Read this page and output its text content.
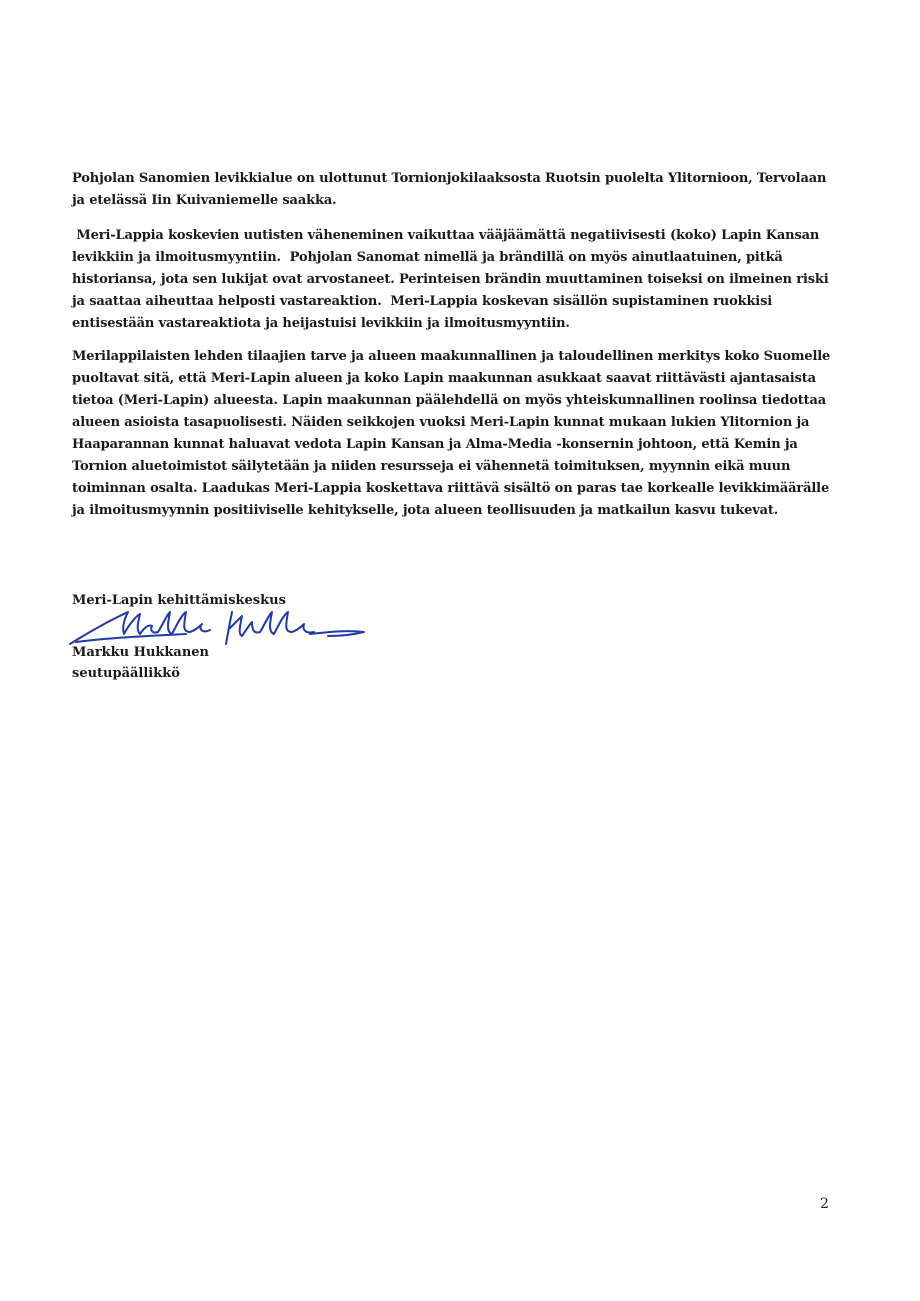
Pohjolan Sanomien levikkialue on ulottunut Tornionjokilaaksosta Ruotsin puolelta Ylitornioon, Tervolaan ja etelässä Iin Kuivaniemelle saakka.

Meri-Lappia koskevien uutisten väheneminen vaikuttaa vääjäämättä negatiivisesti (koko) Lapin Kansan levikkiin ja ilmoitusmyyntiin.  Pohjolan Sanomat nimellä ja brändillä on myös ainutlaatuinen, pitkä historiansa, jota sen lukijat ovat arvostaneet. Perinteisen brändin muuttaminen toiseksi on ilmeinen riski ja saattaa aiheuttaa helposti vastareaktion.  Meri-Lappia koskevan sisällön supistaminen ruokkisi entisestään vastareaktiota ja heijastuisi levikkiin ja ilmoitusmyyntiin.

Merilappilaisten lehden tilaajien tarve ja alueen maakunnallinen ja taloudellinen merkitys koko Suomelle puoltavat sitä, että Meri-Lapin alueen ja koko Lapin maakunnan asukkaat saavat riittävästi ajantasaista tietoa (Meri-Lapin) alueesta. Lapin maakunnan päälehdellä on myös yhteiskunnallinen roolinsa tiedottaa alueen asioista tasapuolisesti. Näiden seikkojen vuoksi Meri-Lapin kunnat mukaan lukien Ylitornion ja Haaparannan kunnat haluavat vedota Lapin Kansan ja Alma-Media -konsernin johtoon, että Kemin ja Tornion aluetoimistot säilytetään ja niiden resursseja ei vähennetä toimituksen, myynnin eikä muun toiminnan osalta. Laadukas Meri-Lappia koskettava riittävä sisältö on paras tae korkealle levikkimäärälle ja ilmoitusmyynnin positiiviselle kehitykselle, jota alueen teollisuuden ja matkailun kasvu tukevat.

Meri-Lapin kehittämiskeskus
Markku Hukkanen
seutupäällikkö
2
